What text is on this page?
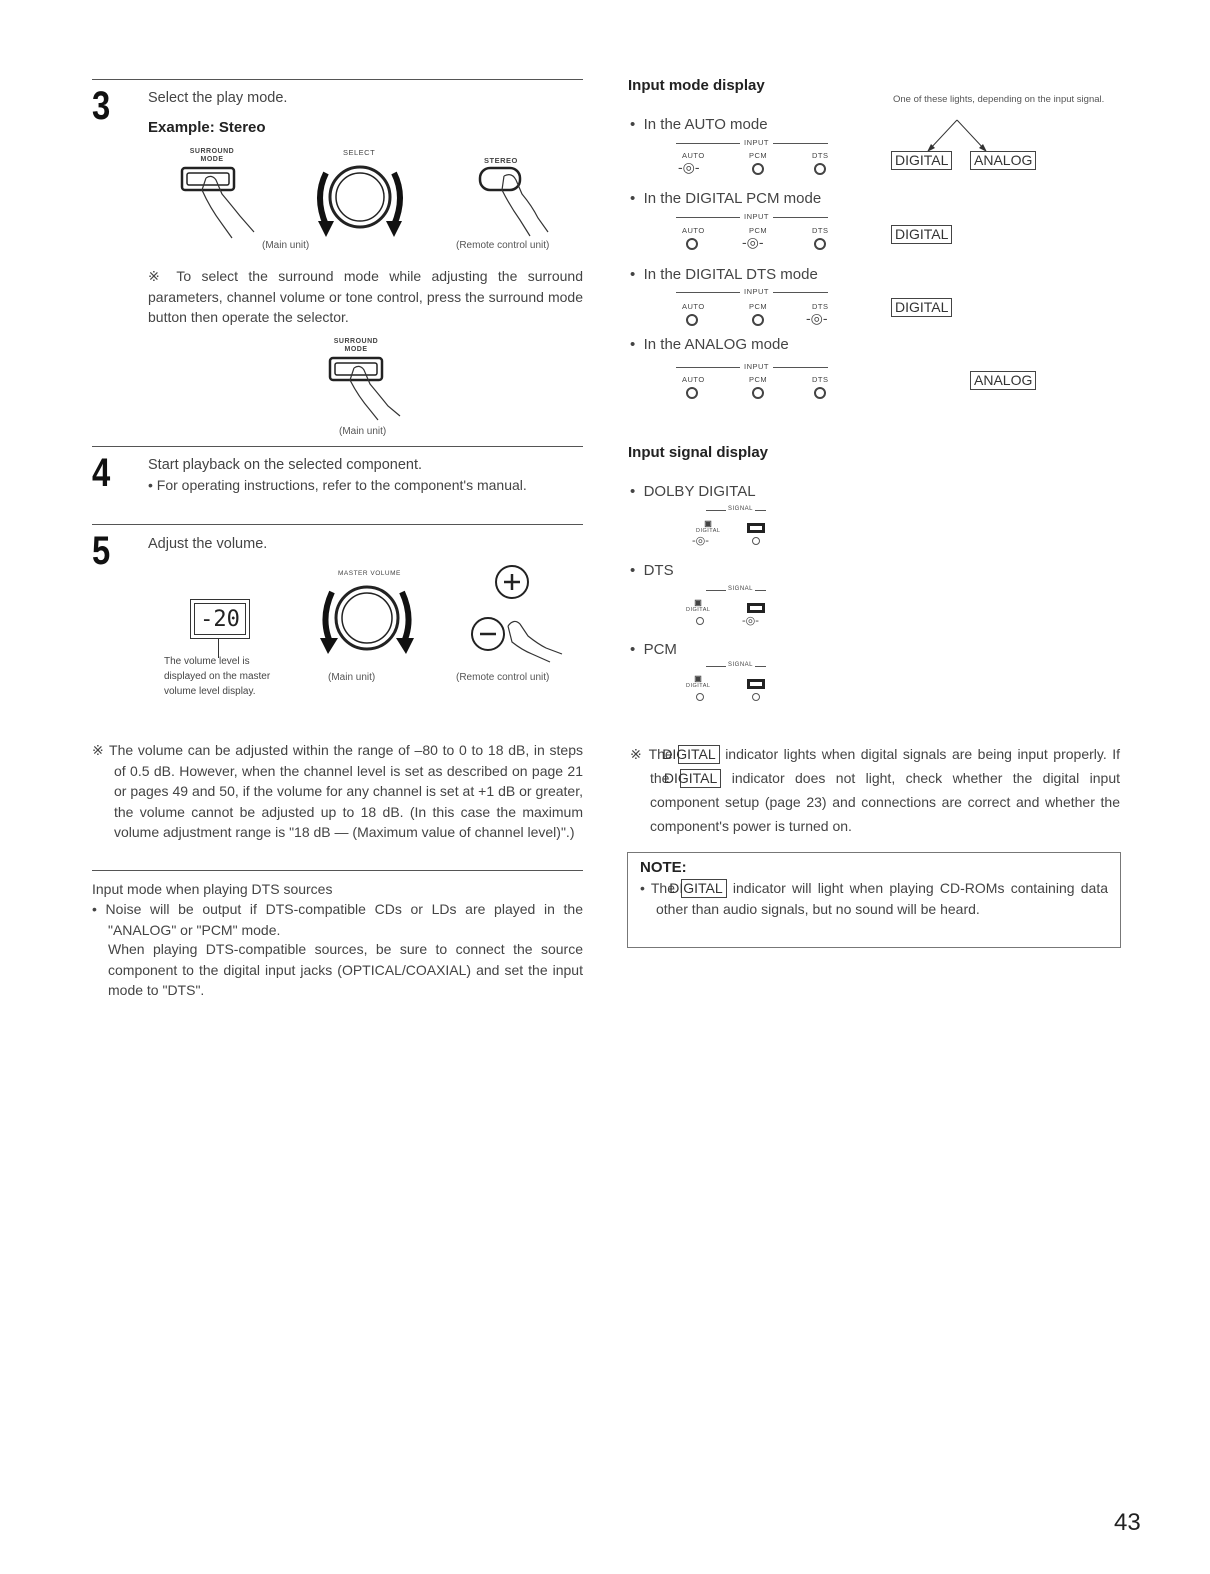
3	Select the play mode.
Example: Stereo
SURROUND MODE
SELECT
STEREO
(Main unit)	(Remote control unit)
※ To select the surround mode while adjusting the surround parameters, channel volume or tone control, press the surround mode button then operate the selector.
SURROUND MODE
(Main unit)
4	Start playback on the selected component.
• For operating instructions, refer to the component's manual.
5	Adjust the volume.
-20
The volume level is displayed on the master volume level display.
MASTER VOLUME
(Main unit)	(Remote control unit)
※ The volume can be adjusted within the range of –80 to 0 to 18 dB, in steps of 0.5 dB. However, when the channel level is set as described on page 21 or pages 49 and 50, if the volume for any channel is set at +1 dB or greater, the volume cannot be adjusted up to 18 dB. (In this case the maximum volume adjustment range is "18 dB — (Maximum value of channel level)".)
Input mode when playing DTS sources
• Noise will be output if DTS-compatible CDs or LDs are played in the "ANALOG" or "PCM" mode.
When playing DTS-compatible sources, be sure to connect the source component to the digital input jacks (OPTICAL/COAXIAL) and set the input mode to "DTS".
Input mode display
One of these lights, depending on the input signal.
•  In the AUTO mode
INPUT
AUTO	PCM	DTS
-◎-	DIGITAL ANALOG
•  In the DIGITAL PCM mode
INPUT
AUTO	PCM	DTS
-◎-	DIGITAL
•  In the DIGITAL DTS mode
INPUT
AUTO	PCM	DTS
-◎-
DIGITAL
•  In the ANALOG mode
INPUT
AUTO	PCM	DTS	ANALOG
Input signal display
•  DOLBY DIGITAL
SIGNAL
▣
DIGITAL
-◎-
•  DTS
SIGNAL
▣
DIGITAL
-◎-
•  PCM
SIGNAL
▣
DIGITAL
※ The DIGITAL indicator lights when digital signals are being input properly. If the DIGITAL indicator does not light, check whether the digital input component setup (page 23) and connections are correct and whether the component's power is turned on.
NOTE:
• The DIGITAL indicator will light when playing CD-ROMs containing data other than audio signals, but no sound will be heard.
43
